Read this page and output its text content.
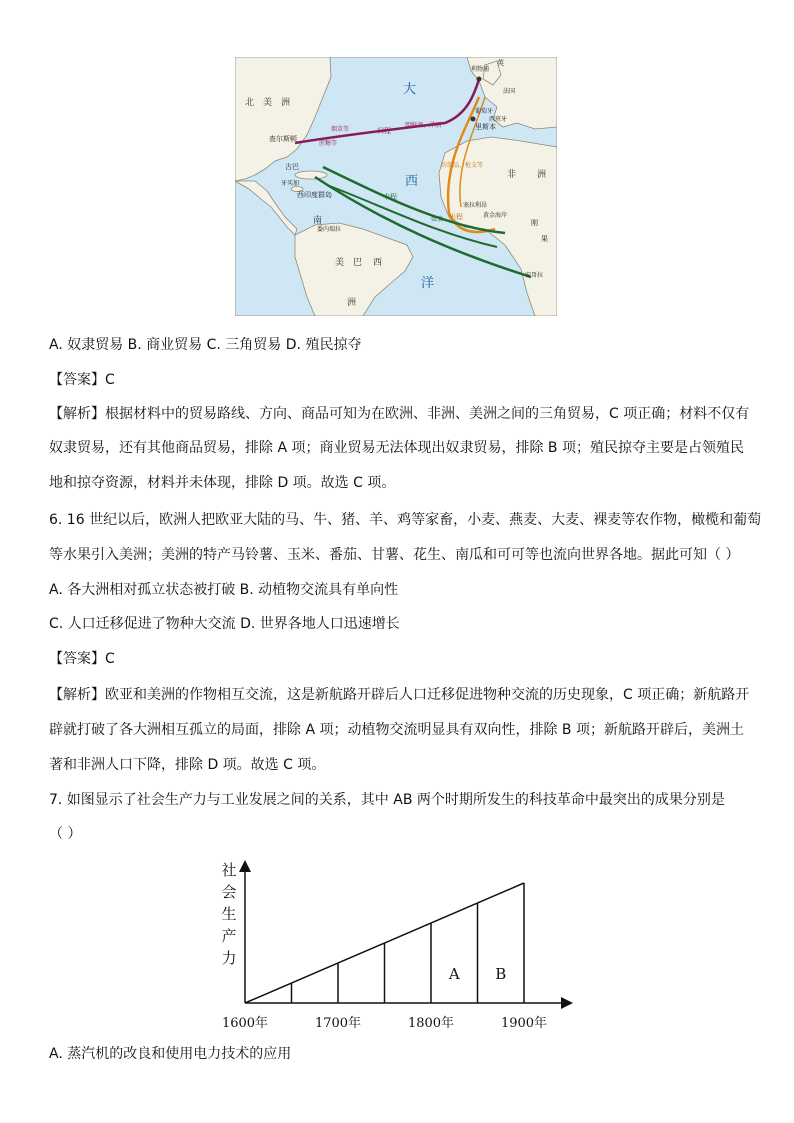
大
西
洋
北 美 洲
南
美 巴 西
洲
非 洲
查尔斯顿
古巴
牙买加
西印度群岛
委内瑞拉
利物浦
英
法国
葡萄牙
西班牙
里斯本
塞拉利昂
黄金海岸
安哥拉
刚
果
归程
中程
出程
奴隶
烟草等
蔗糖等
朗姆酒、洋酒
纺织品、枪支等
A. 奴隶贸易 B. 商业贸易 C. 三角贸易 D. 殖民掠夺
【答案】C
【解析】根据材料中的贸易路线、方向、商品可知为在欧洲、非洲、美洲之间的三角贸易，C 项正确；材料不仅有
奴隶贸易，还有其他商品贸易，排除 A 项；商业贸易无法体现出奴隶贸易，排除 B 项；殖民掠夺主要是占领殖民
地和掠夺资源，材料并未体现，排除 D 项。故选 C 项。
6. 16 世纪以后，欧洲人把欧亚大陆的马、牛、猪、羊、鸡等家畜，小麦、燕麦、大麦、裸麦等农作物，橄榄和葡萄
等水果引入美洲；美洲的特产马铃薯、玉米、番茄、甘薯、花生、南瓜和可可等也流向世界各地。据此可知（ ）
A. 各大洲相对孤立状态被打破 B. 动植物交流具有单向性
C. 人口迁移促进了物种大交流 D. 世界各地人口迅速增长
【答案】C
【解析】欧亚和美洲的作物相互交流，这是新航路开辟后人口迁移促进物种交流的历史现象，C 项正确；新航路开
辟就打破了各大洲相互孤立的局面，排除 A 项；动植物交流明显具有双向性，排除 B 项；新航路开辟后，美洲土
著和非洲人口下降，排除 D 项。故选 C 项。
7. 如图显示了社会生产力与工业发展之间的关系，其中 AB 两个时期所发生的科技革命中最突出的成果分别是
（ ）
A B
1600年	1700年	1800年	1900年
社
会
生
产
力
A. 蒸汽机的改良和使用电力技术的应用
